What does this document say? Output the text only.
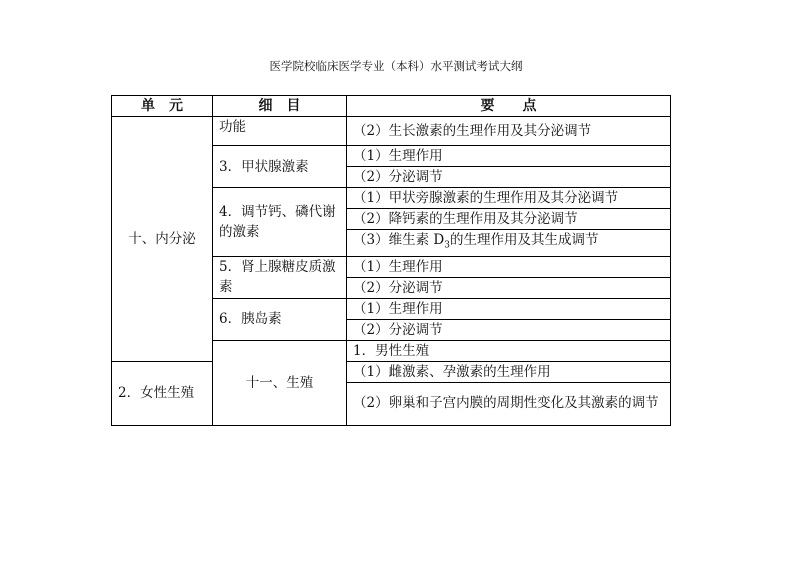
医学院校临床医学专业（本科）水平测试考试大纲
单　元	细　目	要　　点	
十、内分泌	功能	（2）生长激素的生理作用及其分泌调节	
	3．甲状腺激素	（1）生理作用	
		（2）分泌调节	
	4．调节钙、磷代谢的激素	（1）甲状旁腺激素的生理作用及其分泌调节	
		（2）降钙素的生理作用及其分泌调节	
		（3）维生素 $D_3$的生理作用及其生成调节	
	5．肾上腺糖皮质激素	（1）生理作用	
		（2）分泌调节	
	6．胰岛素	（1）生理作用	
		（2）分泌调节	
	十一、生殖	1．男性生殖	
2．女性生殖		（1）雌激素、孕激素的生理作用	
		（2）卵巢和子宫内膜的周期性变化及其激素的调节	
